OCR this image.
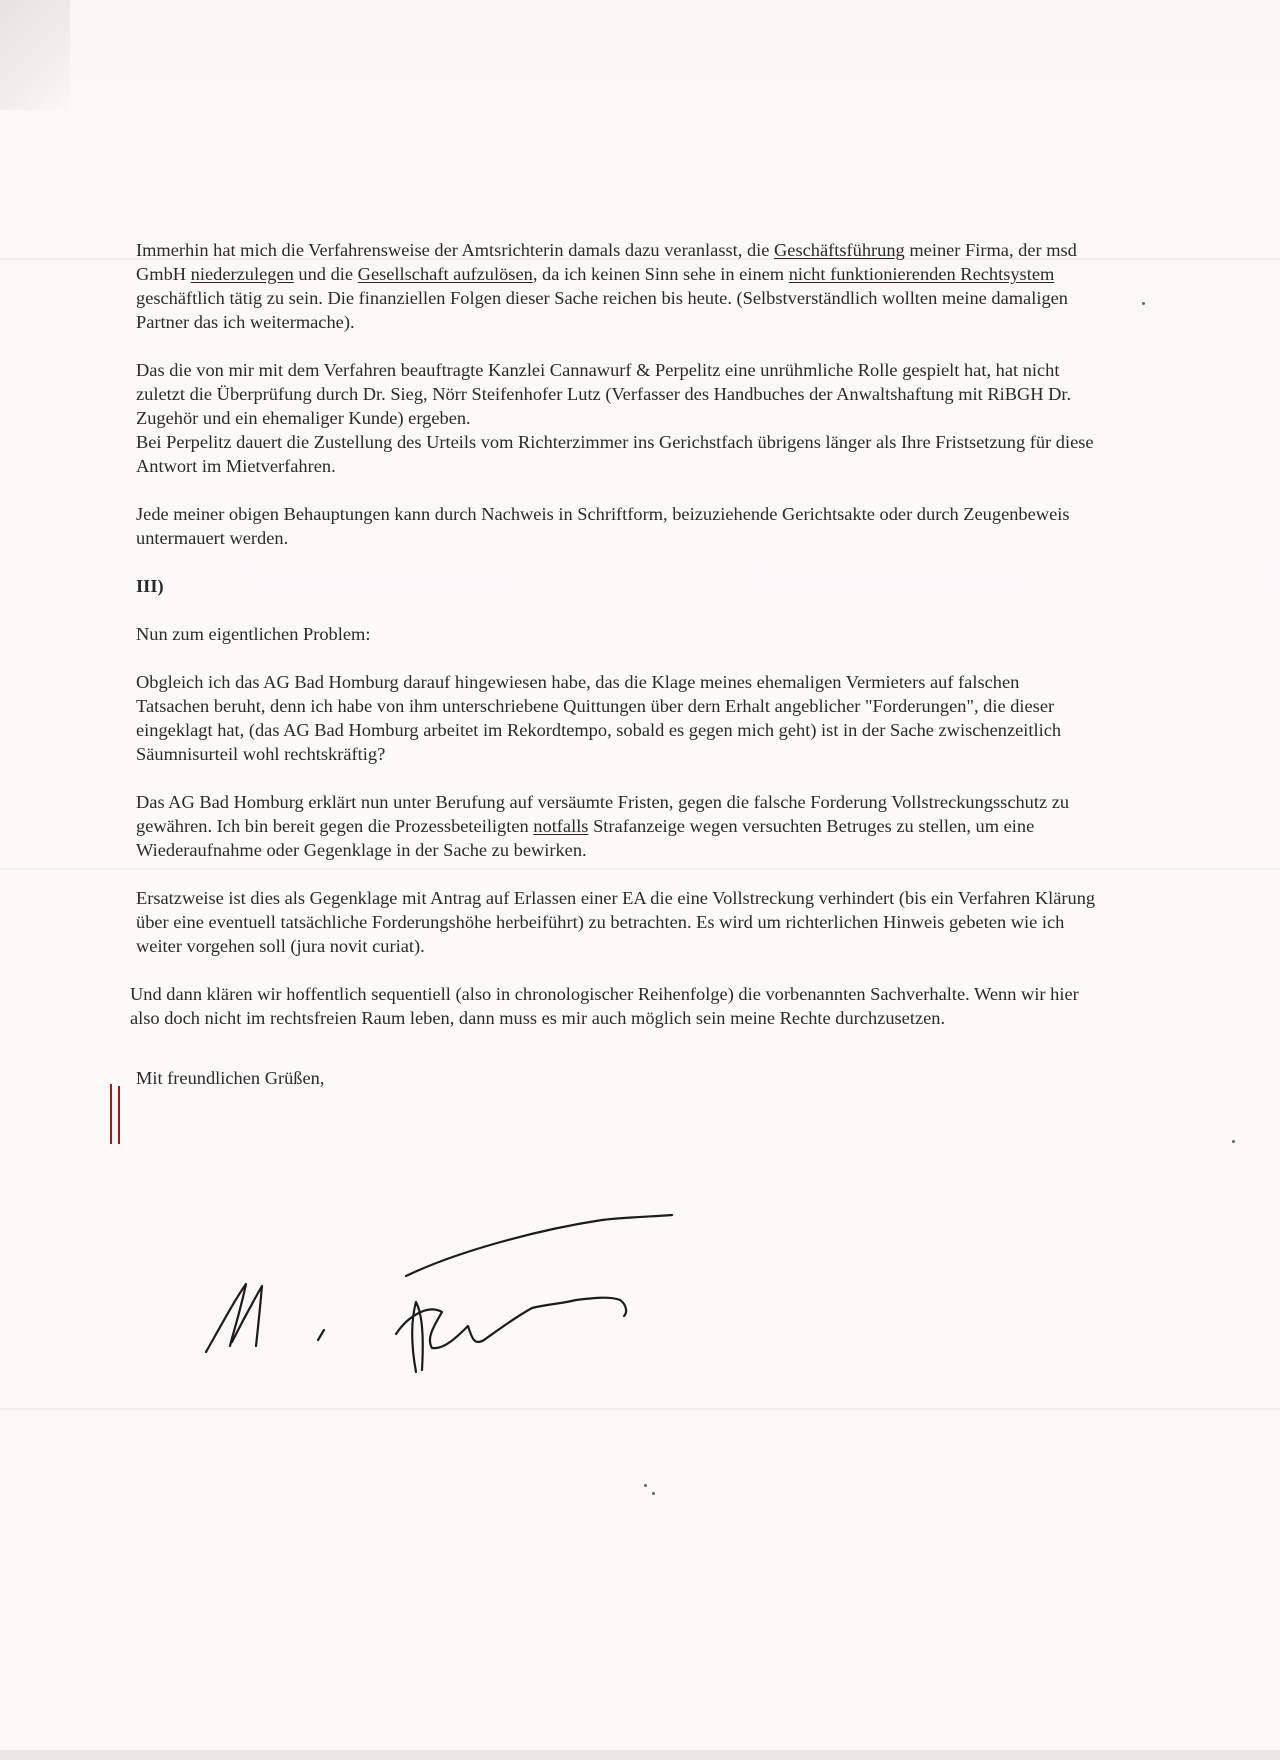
Immerhin hat mich die Verfahrensweise der Amtsrichterin damals dazu veranlasst, die Geschäftsführung meiner Firma, der msd GmbH niederzulegen und die Gesellschaft aufzulösen, da ich keinen Sinn sehe in einem nicht funktionierenden Rechtsystem geschäftlich tätig zu sein. Die finanziellen Folgen dieser Sache reichen bis heute. (Selbstverständlich wollten meine damaligen Partner das ich weitermache).

Das die von mir mit dem Verfahren beauftragte Kanzlei Cannawurf & Perpelitz eine unrühmliche Rolle gespielt hat, hat nicht zuletzt die Überprüfung durch Dr. Sieg, Nörr Steifenhofer Lutz (Verfasser des Handbuches der Anwaltshaftung mit RiBGH Dr. Zugehör und ein ehemaliger Kunde) ergeben.
Bei Perpelitz dauert die Zustellung des Urteils vom Richterzimmer ins Gerichstfach übrigens länger als Ihre Fristsetzung für diese Antwort im Mietverfahren.

Jede meiner obigen Behauptungen kann durch Nachweis in Schriftform, beizuziehende Gerichtsakte oder durch Zeugenbeweis untermauert werden.

III)

Nun zum eigentlichen Problem:

Obgleich ich das AG Bad Homburg darauf hingewiesen habe, das die Klage meines ehemaligen Vermieters auf falschen Tatsachen beruht, denn ich habe von ihm unterschriebene Quittungen über dern Erhalt angeblicher "Forderungen", die dieser eingeklagt hat, (das AG Bad Homburg arbeitet im Rekordtempo, sobald es gegen mich geht) ist in der Sache zwischenzeitlich Säumnisurteil wohl rechtskräftig?

Das AG Bad Homburg erklärt nun unter Berufung auf versäumte Fristen, gegen die falsche Forderung Vollstreckungsschutz zu gewähren. Ich bin bereit gegen die Prozessbeteiligten notfalls Strafanzeige wegen versuchten Betruges zu stellen, um eine Wiederaufnahme oder Gegenklage in der Sache zu bewirken.

Ersatzweise ist dies als Gegenklage mit Antrag auf Erlassen einer EA die eine Vollstreckung verhindert (bis ein Verfahren Klärung über eine eventuell tatsächliche Forderungshöhe herbeiführt) zu betrachten. Es wird um richterlichen Hinweis gebeten wie ich weiter vorgehen soll (jura novit curiat).

Und dann klären wir hoffentlich sequentiell (also in chronologischer Reihenfolge) die vorbenannten Sachverhalte. Wenn wir hier also doch nicht im rechtsfreien Raum leben, dann muss es mir auch möglich sein meine Rechte durchzusetzen.

Mit freundlichen Grüßen,
